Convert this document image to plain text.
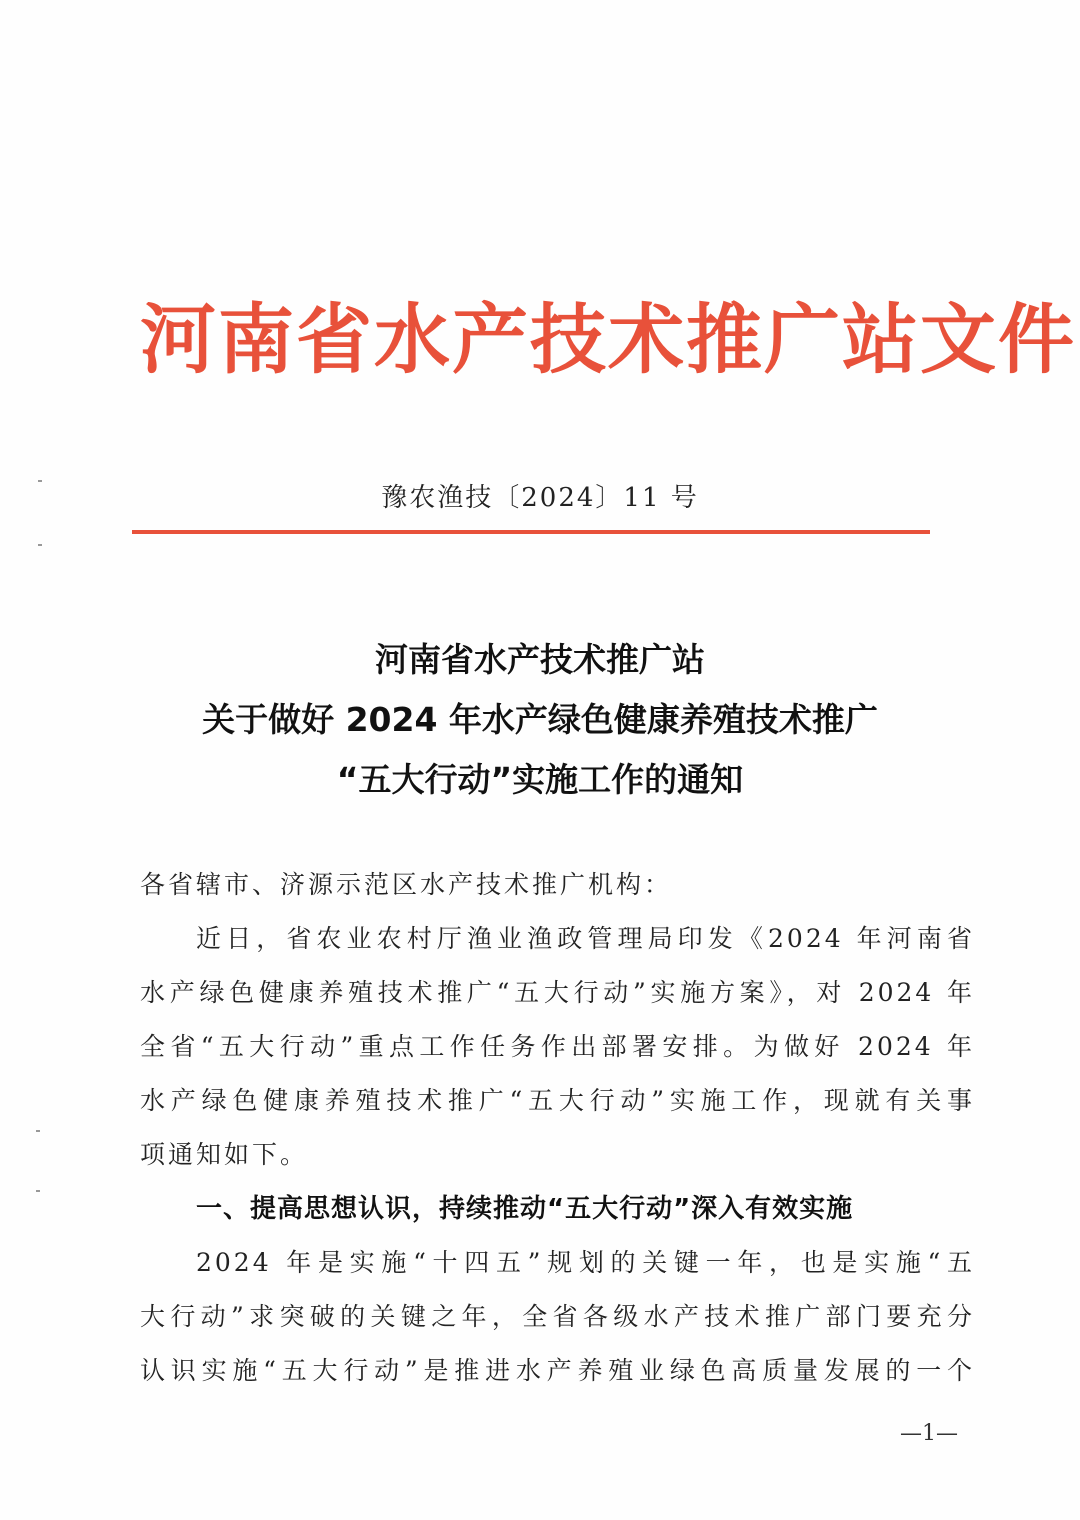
河南省水产技术推广站文件
豫农渔技〔2024〕11 号
河南省水产技术推广站
关于做好 2024 年水产绿色健康养殖技术推广
“五大行动”实施工作的通知
各省辖市、济源示范区水产技术推广机构：
近日，省农业农村厅渔业渔政管理局印发《2024 年河南省
水产绿色健康养殖技术推广“五大行动”实施方案》，对 2024 年
全省“五大行动”重点工作任务作出部署安排。为做好 2024 年
水产绿色健康养殖技术推广“五大行动”实施工作，现就有关事
项通知如下。
一、提高思想认识，持续推动“五大行动”深入有效实施
2024 年是实施“十四五”规划的关键一年，也是实施“五
大行动”求突破的关键之年，全省各级水产技术推广部门要充分
认识实施“五大行动”是推进水产养殖业绿色高质量发展的一个
—1—
